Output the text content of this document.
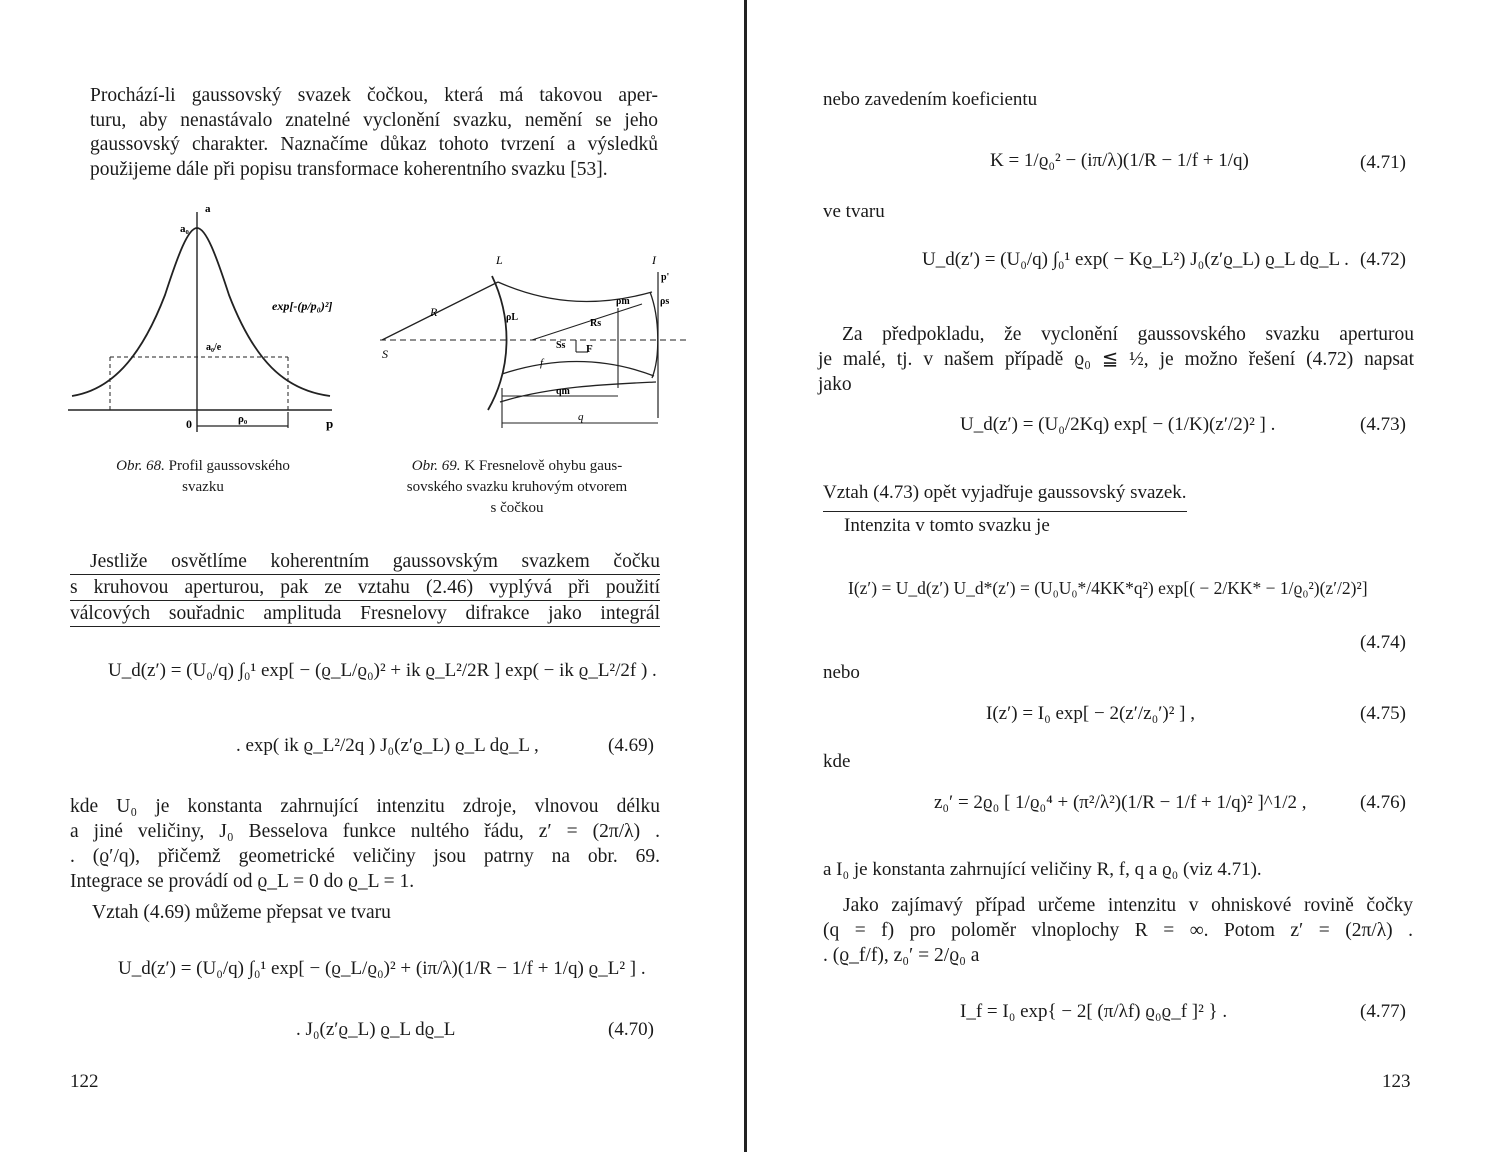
Prochází-li gaussovský svazek čočkou, která má takovou aper-
turu, aby nenastávalo znatelné vyclonění svazku, nemění se jeho
gaussovský charakter. Naznačíme důkaz tohoto tvrzení a výsledků
použijeme dále při popisu transformace koherentního svazku [53].
a
a₀
a₀/e
0	ρ₀	p
exp[-(p/p₀)²]
L	I
p'
R
S
ρL
ρm	ρs
Rs
Ss F
f
qm
q
Obr. 68. Profil gaussovského
svazku
Obr. 69. K Fresnelově ohybu gaus-
sovského svazku kruhovým otvorem
s čočkou
Jestliže osvětlíme koherentním gaussovským svazkem čočku
s kruhovou aperturou, pak ze vztahu (2.46) vyplývá při použití
válcových souřadnic amplituda Fresnelovy difrakce jako integrál
U_d(z′) = (U₀/q) ∫₀¹ exp[ − (ϱ_L/ϱ₀)² + ik ϱ_L²/2R ] exp( − ik ϱ_L²/2f ) .
. exp( ik ϱ_L²/2q ) J₀(z′ϱ_L) ϱ_L dϱ_L ,	(4.69)
kde U₀ je konstanta zahrnující intenzitu zdroje, vlnovou délku
a jiné veličiny, J₀ Besselova funkce nultého řádu, z′ = (2π/λ) .
. (ϱ′/q), přičemž geometrické veličiny jsou patrny na obr. 69.
Integrace se provádí od ϱ_L = 0 do ϱ_L = 1.
Vztah (4.69) můžeme přepsat ve tvaru
U_d(z′) = (U₀/q) ∫₀¹ exp[ − (ϱ_L/ϱ₀)² + (iπ/λ)(1/R − 1/f + 1/q) ϱ_L² ] .
. J₀(z′ϱ_L) ϱ_L dϱ_L	(4.70)
122
nebo zavedením koeficientu
K = 1/ϱ₀² − (iπ/λ)(1/R − 1/f + 1/q)	(4.71)
ve tvaru
U_d(z′) = (U₀/q) ∫₀¹ exp( − Kϱ_L²) J₀(z′ϱ_L) ϱ_L dϱ_L . (4.72)
Za předpokladu, že vyclonění gaussovského svazku aperturou
je malé, tj. v našem případě ϱ₀ ≦ ½, je možno řešení (4.72) napsat
jako
U_d(z′) = (U₀/2Kq) exp[ − (1/K)(z′/2)² ] .	(4.73)
Vztah (4.73) opět vyjadřuje gaussovský svazek.
Intenzita v tomto svazku je
I(z′) = U_d(z′) U_d*(z′) = (U₀U₀*/4KK*q²) exp[( − 2/KK* − 1/ϱ₀²)(z′/2)²]
(4.74)
nebo
I(z′) = I₀ exp[ − 2(z′/z₀′)² ] ,	(4.75)
kde
z₀′ = 2ϱ₀ [ 1/ϱ₀⁴ + (π²/λ²)(1/R − 1/f + 1/q)² ]^1/2 ,	(4.76)
a I₀ je konstanta zahrnující veličiny R, f, q a ϱ₀ (viz 4.71).
Jako zajímavý případ určeme intenzitu v ohniskové rovině čočky
(q = f) pro poloměr vlnoplochy R = ∞. Potom z′ = (2π/λ) .
. (ϱ_f/f), z₀′ = 2/ϱ₀ a
I_f = I₀ exp{ − 2[ (π/λf) ϱ₀ϱ_f ]² } .	(4.77)
123
